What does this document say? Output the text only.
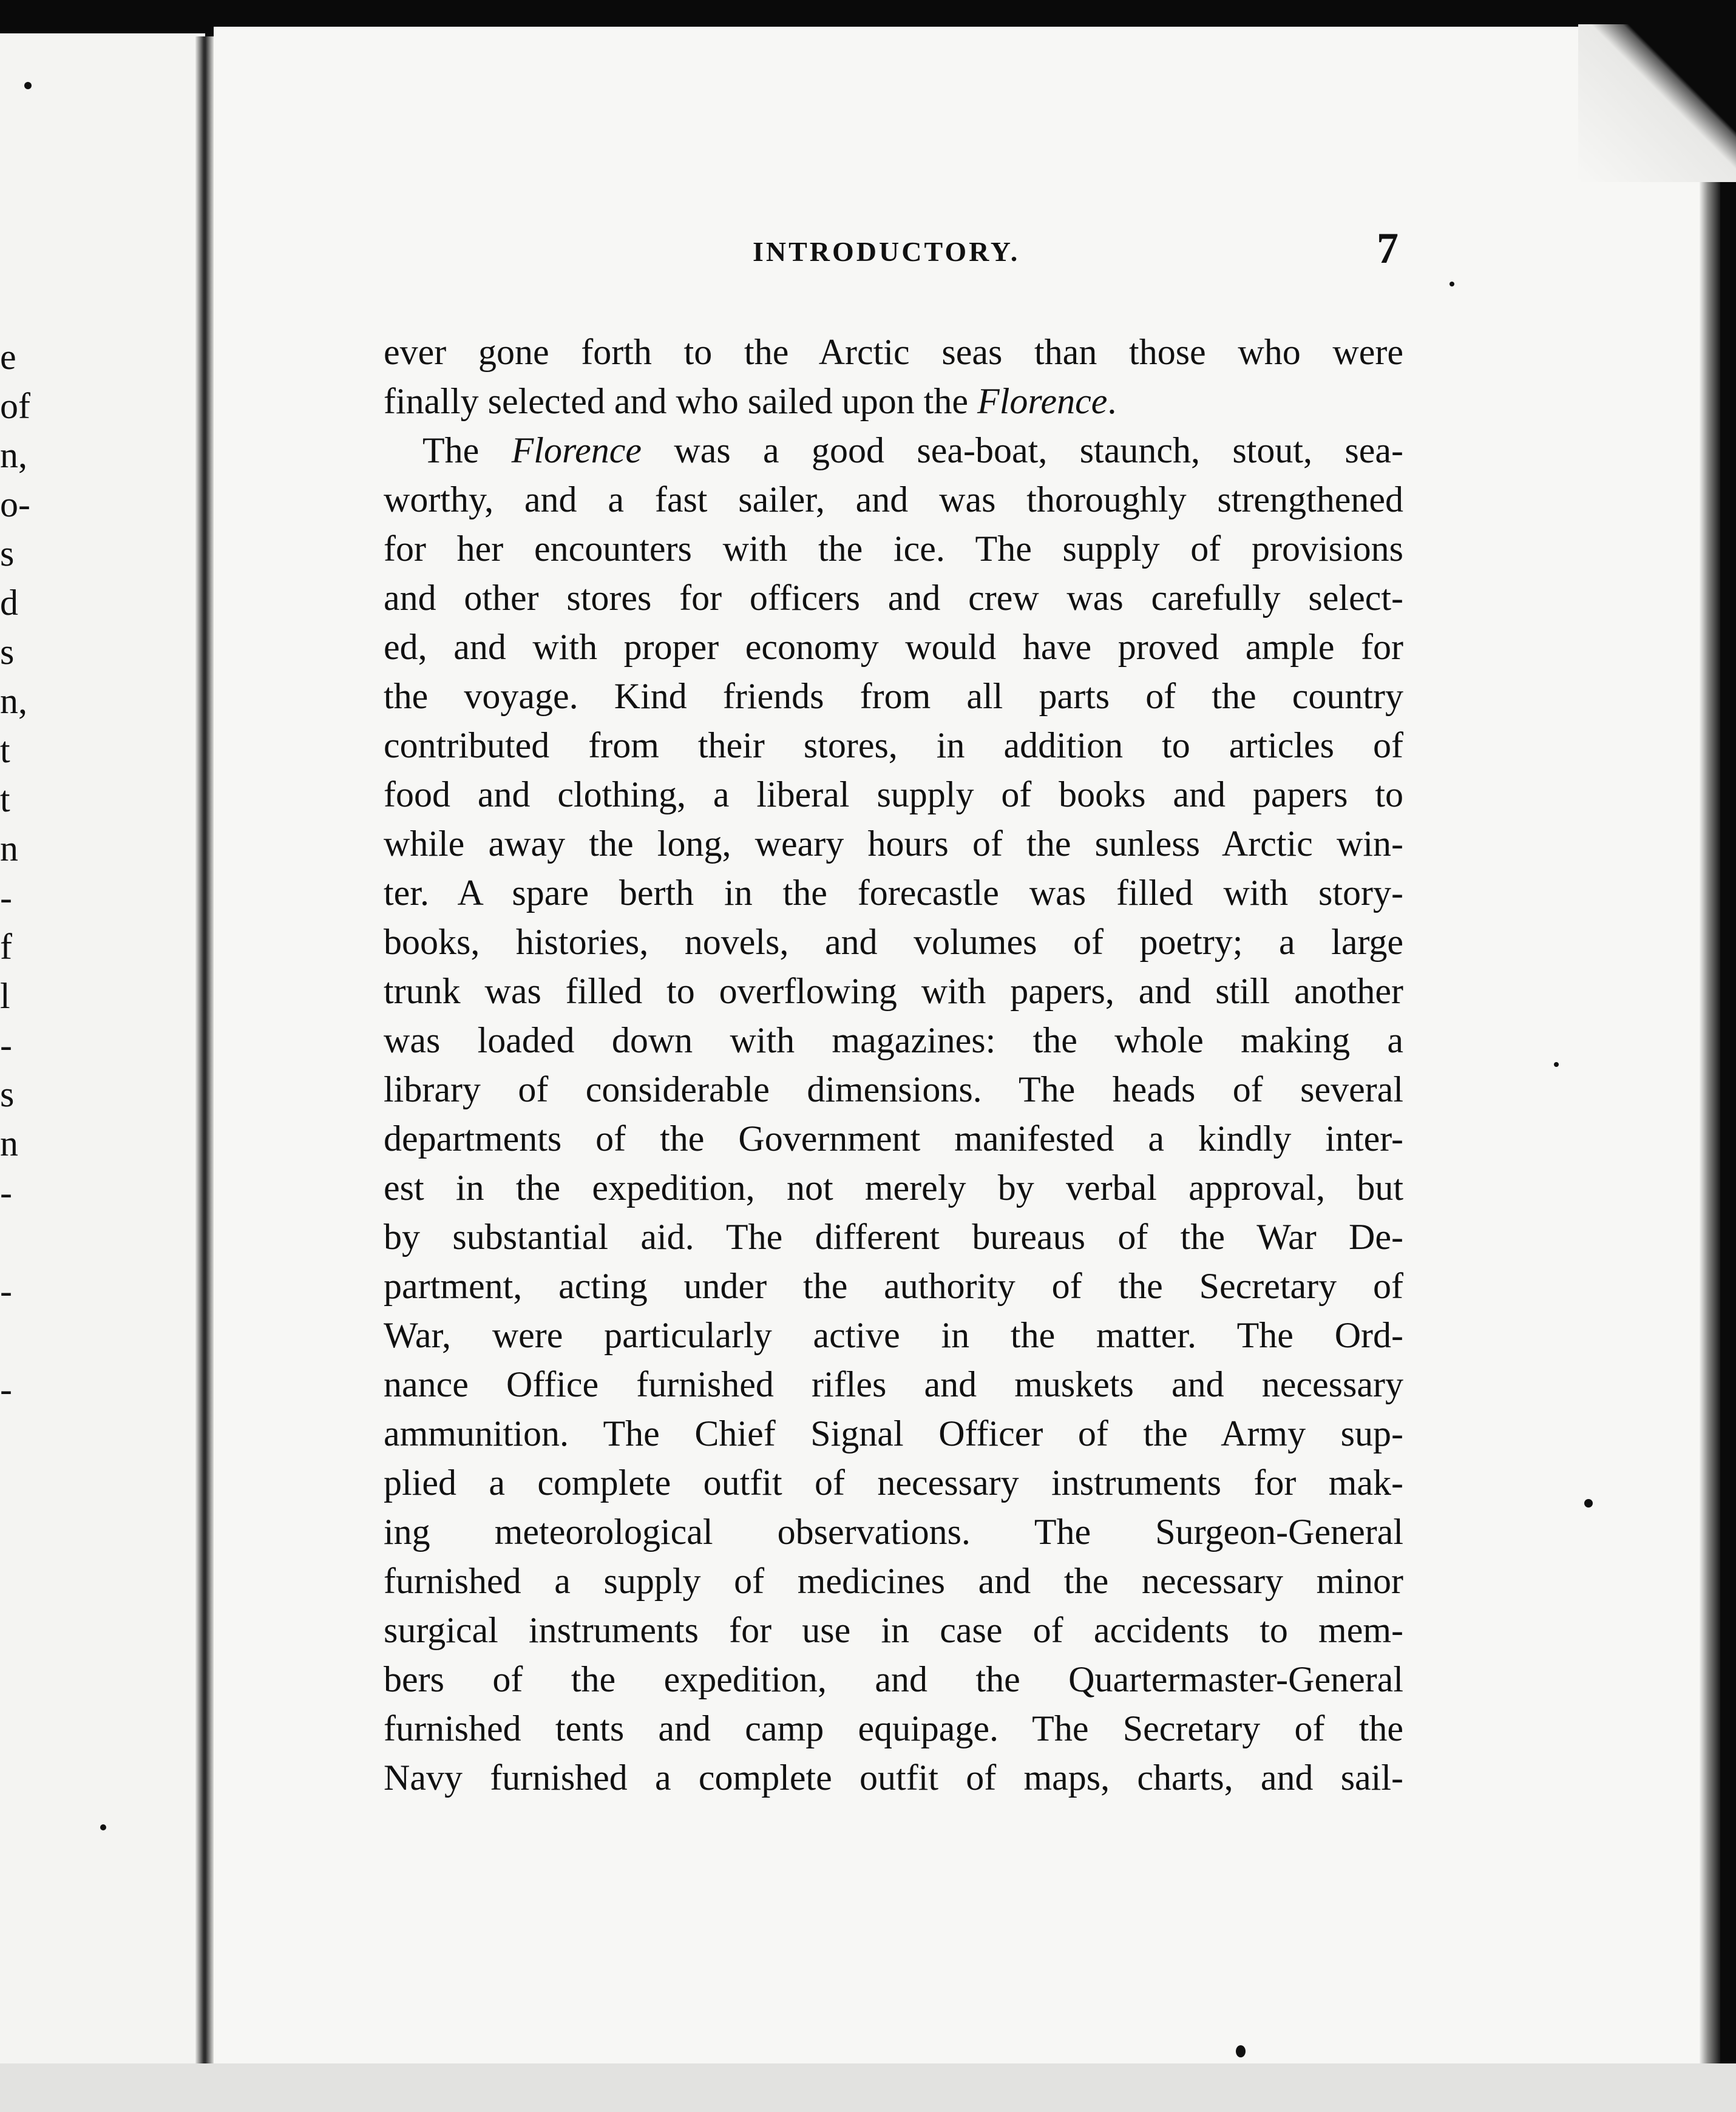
e
of
n,
o-
s
d
s
n,
t
t
n
-
f
l
-
s
n
-
-
-
INTRODUCTORY.	7
ever gone forth to the Arctic seas than those who were
finally selected and who sailed upon the Florence.
The Florence was a good sea-boat, staunch, stout, sea-
worthy, and a fast sailer, and was thoroughly strengthened
for her encounters with the ice. The supply of provisions
and other stores for officers and crew was carefully select-
ed, and with proper economy would have proved ample for
the voyage. Kind friends from all parts of the country
contributed from their stores, in addition to articles of
food and clothing, a liberal supply of books and papers to
while away the long, weary hours of the sunless Arctic win-
ter. A spare berth in the forecastle was filled with story-
books, histories, novels, and volumes of poetry; a large
trunk was filled to overflowing with papers, and still another
was loaded down with magazines: the whole making a
library of considerable dimensions. The heads of several
departments of the Government manifested a kindly inter-
est in the expedition, not merely by verbal approval, but
by substantial aid. The different bureaus of the War De-
partment, acting under the authority of the Secretary of
War, were particularly active in the matter. The Ord-
nance Office furnished rifles and muskets and necessary
ammunition. The Chief Signal Officer of the Army sup-
plied a complete outfit of necessary instruments for mak-
ing meteorological observations. The Surgeon-General
furnished a supply of medicines and the necessary minor
surgical instruments for use in case of accidents to mem-
bers of the expedition, and the Quartermaster-General
furnished tents and camp equipage. The Secretary of the
Navy furnished a complete outfit of maps, charts, and sail-
